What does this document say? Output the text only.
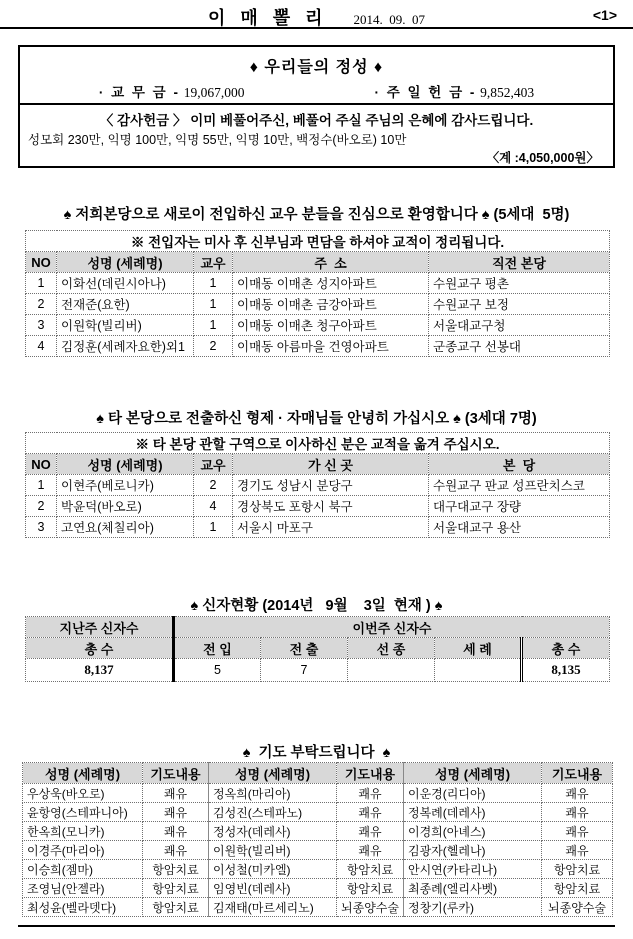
이 매 뽈 리 2014.  09.  07	<1>
♦ 우리들의 정성 ♦
· 교 무 금 - 19,067,000	· 주 일 헌 금 - 9,852,403
〈 감사헌금 〉 이미 베풀어주신, 베풀어 주실 주님의 은혜에 감사드립니다.
성모회 230만, 익명 100만, 익명 55만, 익명 10만, 백정수(바오로) 10만
〈계 :4,050,000원〉
♠ 저희본당으로 새로이 전입하신 교우 분들을 진심으로 환영합니다 ♠ (5세대  5명)
※ 전입자는 미사 후 신부님과 면담을 하셔야 교적이 정리됩니다.				
NO	성명 (세례명)	교우	주  소	직전 본당
1	이화선(데린시아나)	1	이매동 이매촌 성지아파트	수원교구 평촌
2	전재준(요한)	1	이매동 이매촌 금강아파트	수원교구 보정
3	이원학(빌리버)	1	이매동 이매촌 청구아파트	서울대교구청
4	김정훈(세례자요한)외1	2	이매동 아름마을 건영아파트	군종교구 선봉대
♠ 타 본당으로 전출하신 형제 · 자매님들 안녕히 가십시오 ♠ (3세대 7명)
※ 타 본당 관할 구역으로 이사하신 분은 교적을 옮겨 주십시오.				
NO	성명 (세례명)	교우	가 신 곳	본  당
1	이현주(베로니카)	2	경기도 성남시 분당구	수원교구 판교 성프란치스코
2	박윤덕(바오로)	4	경상북도 포항시 북구	대구대교구 장량
3	고연요(체칠리아)	1	서울시 마포구	서울대교구 용산
♠ 신자현황 (2014년   9월    3일  현재 ) ♠
지난주 신자수	이번주 신자수				
총 수	전 입	전 출	선 종	세 례	총 수
8,137	5	7			8,135
♠  기도 부탁드립니다  ♠
성명 (세례명)	기도내용	성명 (세례명)	기도내용	성명 (세례명)	기도내용
우상욱(바오로)	쾌유	정옥희(마리아)	쾌유	이운경(리디아)	쾌유
윤항영(스테파니아)	쾌유	김성진(스테파노)	쾌유	정복례(데레사)	쾌유
한옥희(모니카)	쾌유	정성자(데레사)	쾌유	이경희(아녜스)	쾌유
이경주(마리아)	쾌유	이원학(빌리버)	쾌유	김광자(헬레나)	쾌유
이승희(젬마)	항암치료	이성철(미카엘)	항암치료	안시연(카타리나)	항암치료
조영님(안젤라)	항암치료	임영빈(데레사)	항암치료	최종례(엘리사벳)	항암치료
최성윤(벨라뎃다)	항암치료	김재태(마르세리노)	뇌종양수술	정창기(루카)	뇌종양수술
